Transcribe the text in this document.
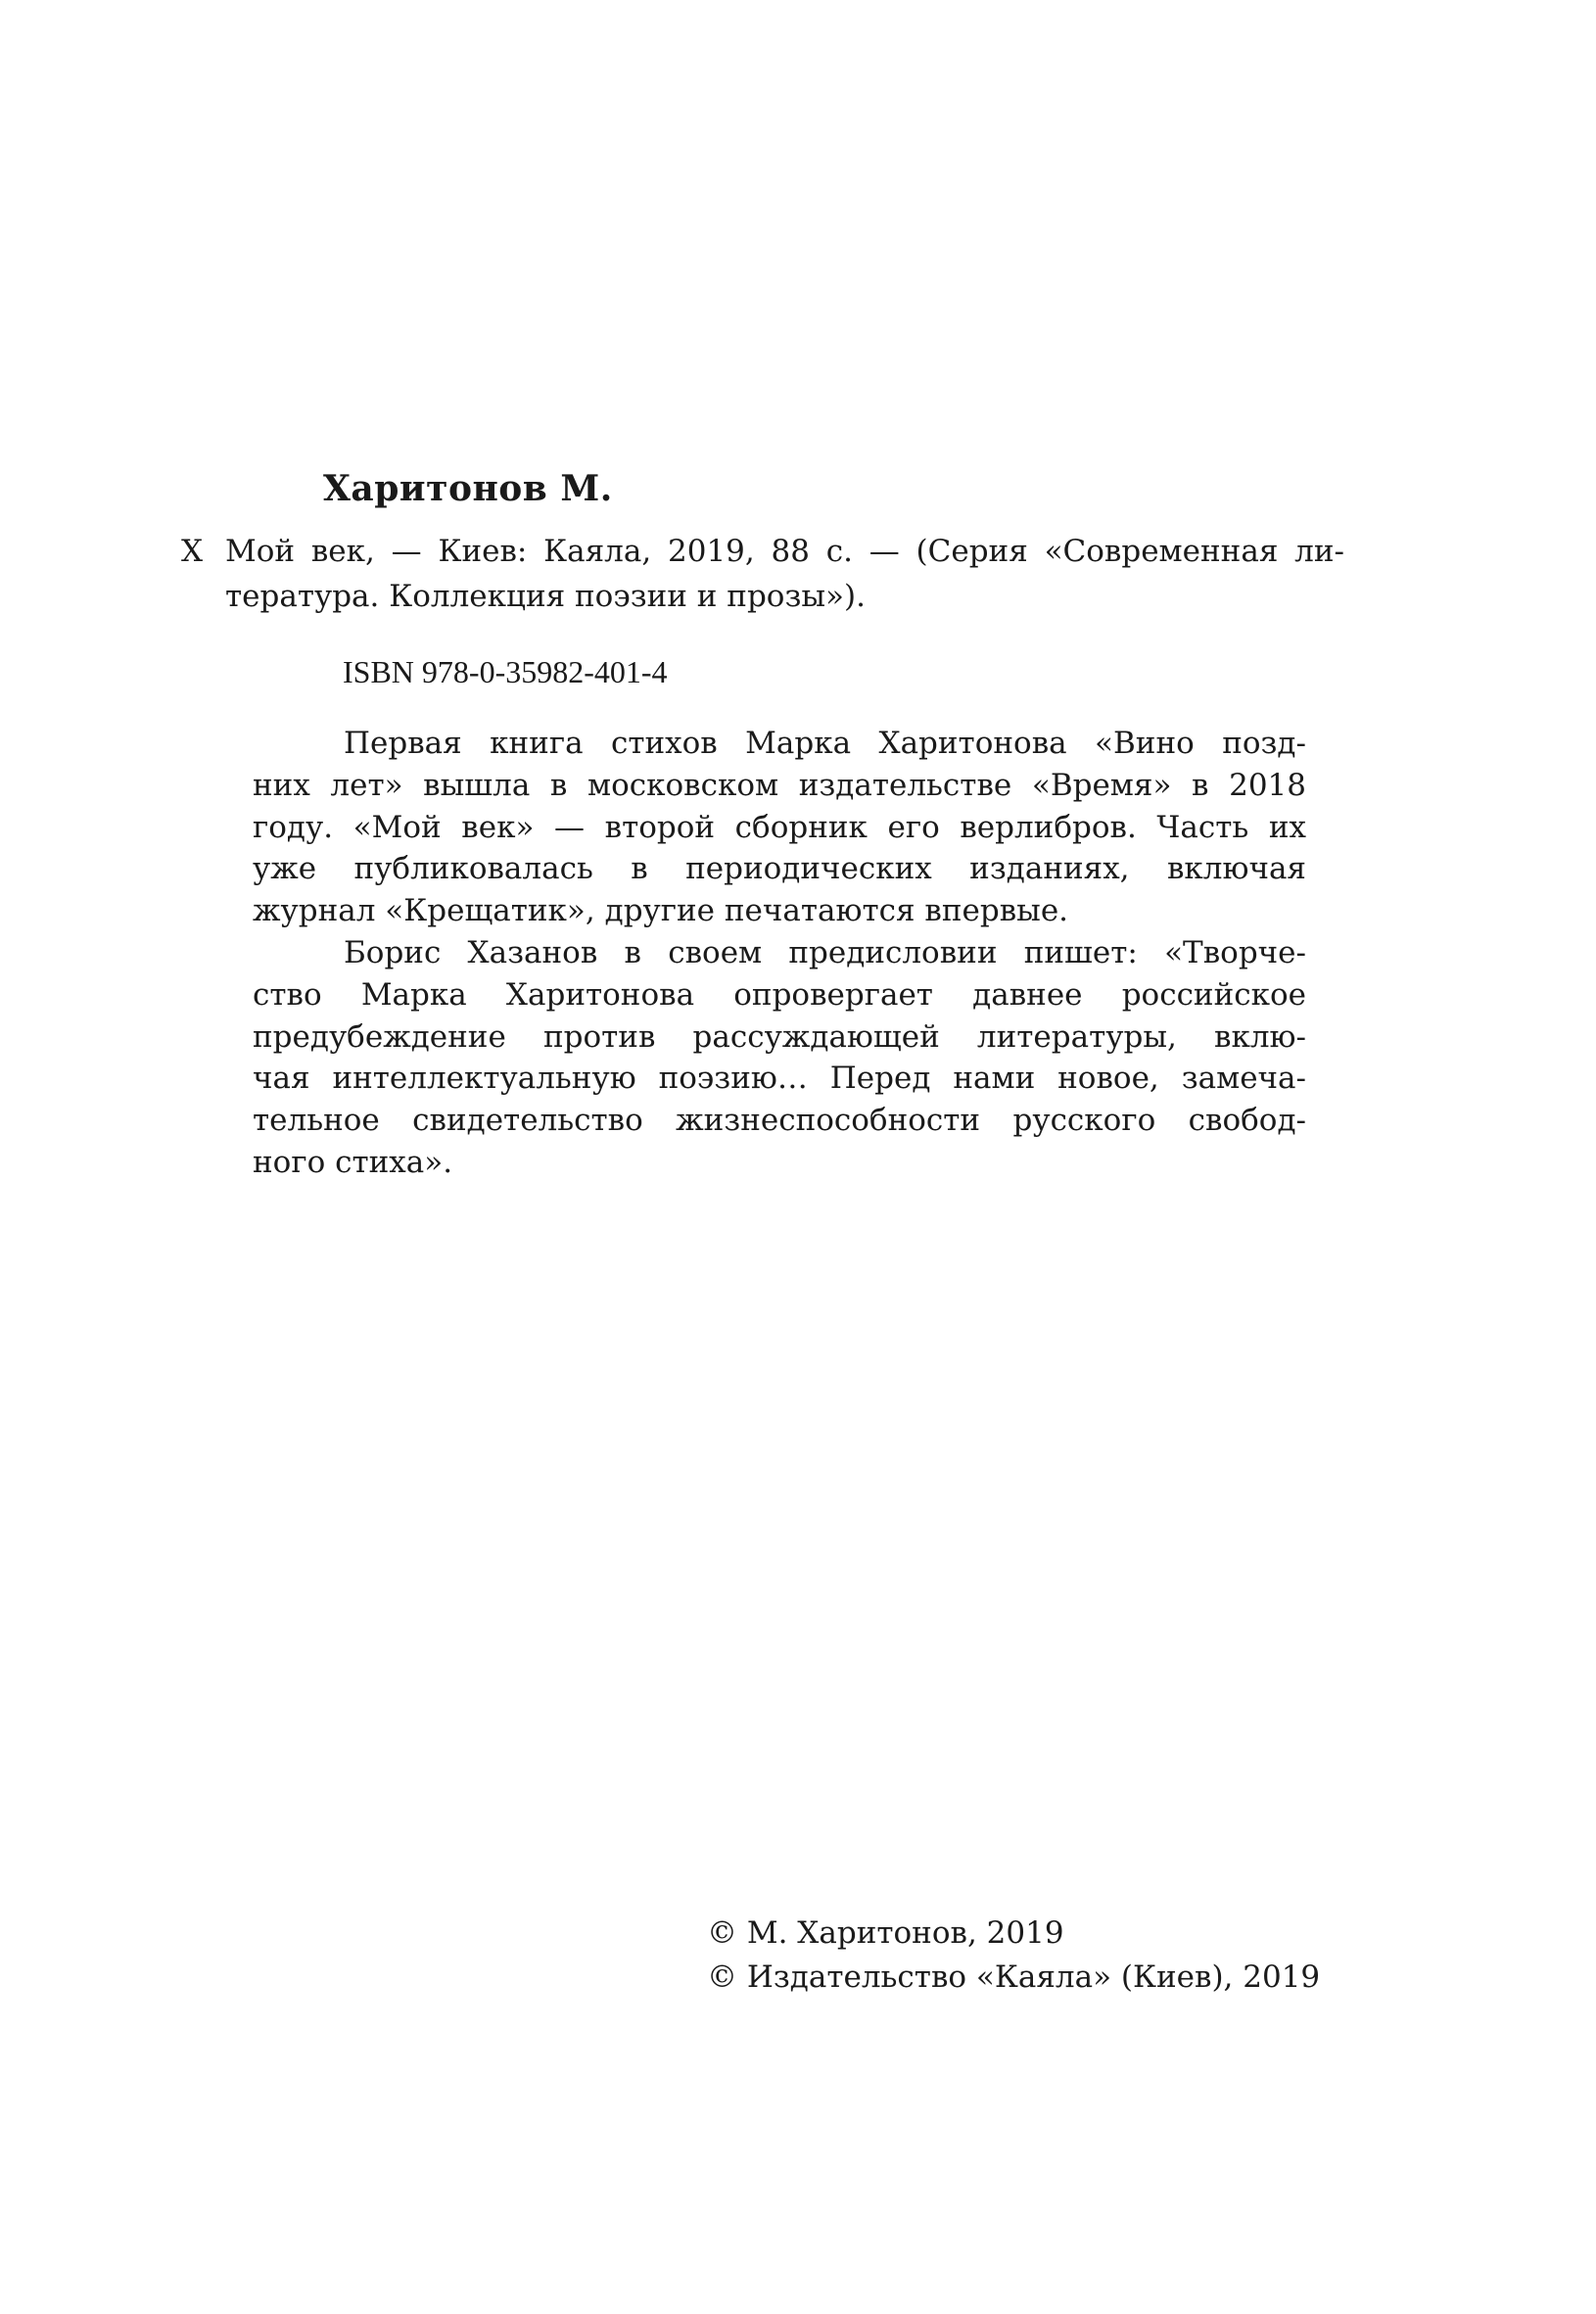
Харитонов М.
Х Мой век, — Киев: Каяла, 2019, 88 с. — (Серия «Современная ли-
тература. Коллекция поэзии и прозы»).
ISBN 978-0-35982-401-4
Первая книга стихов Марка Харитонова «Вино позд-
них лет» вышла в московском издательстве «Время» в 2018
году. «Мой век» — второй сборник его верлибров. Часть их
уже публиковалась в периодических изданиях, включая
журнал «Крещатик», другие печатаются впервые.
Борис Хазанов в своем предисловии пишет: «Творче-
ство Марка Харитонова опровергает давнее российское
предубеждение против рассуждающей литературы, вклю-
чая интеллектуальную поэзию… Перед нами новое, замеча-
тельное свидетельство жизнеспособности русского свобод-
ного стиха».
© М. Харитонов, 2019
© Издательство «Каяла» (Киев), 2019
